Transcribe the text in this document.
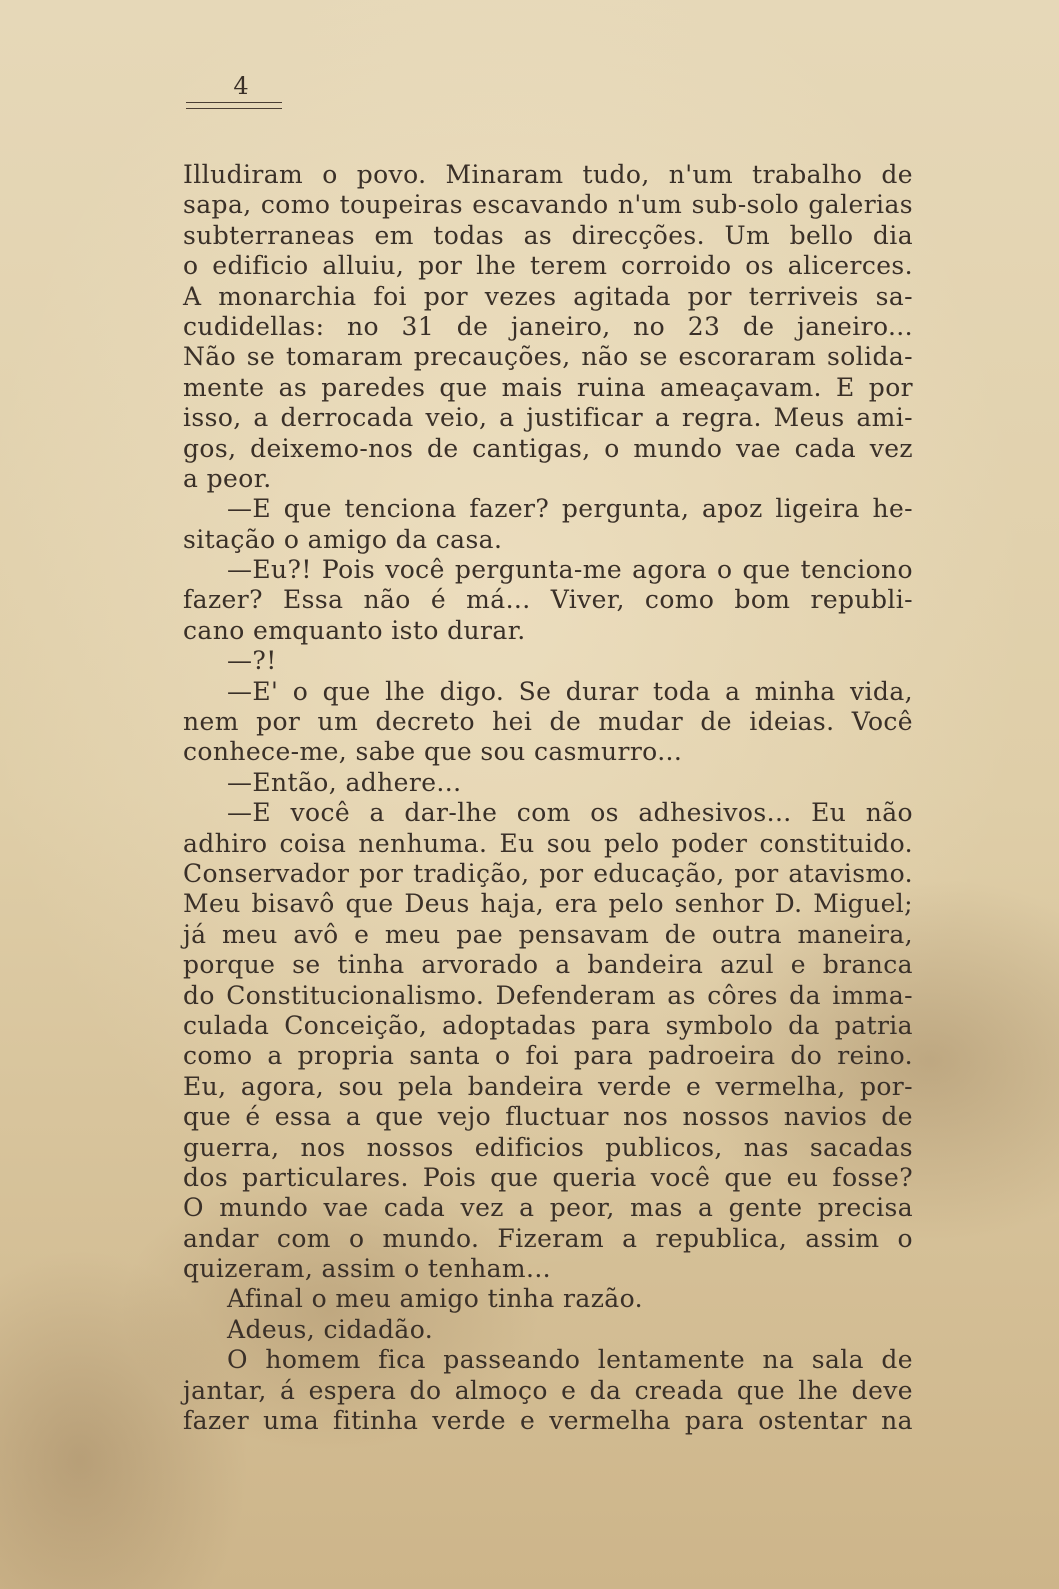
4
Illudiram o povo. Minaram tudo, n'um trabalho de
sapa, como toupeiras escavando n'um sub-solo galerias
subterraneas em todas as direcções. Um bello dia
o edificio alluiu, por lhe terem corroido os alicerces.
A monarchia foi por vezes agitada por terriveis sa-
cudidellas: no 31 de janeiro, no 23 de janeiro...
Não se tomaram precauções, não se escoraram solida-
mente as paredes que mais ruina ameaçavam. E por
isso, a derrocada veio, a justificar a regra. Meus ami-
gos, deixemo-nos de cantigas, o mundo vae cada vez
a peor.
—E que tenciona fazer? pergunta, apoz ligeira he-
sitação o amigo da casa.
—Eu?! Pois você pergunta-me agora o que tenciono
fazer? Essa não é má... Viver, como bom republi-
cano emquanto isto durar.
—?!
—E' o que lhe digo. Se durar toda a minha vida,
nem por um decreto hei de mudar de ideias. Você
conhece-me, sabe que sou casmurro...
—Então, adhere...
—E você a dar-lhe com os adhesivos... Eu não
adhiro coisa nenhuma. Eu sou pelo poder constituido.
Conservador por tradição, por educação, por atavismo.
Meu bisavô que Deus haja, era pelo senhor D. Miguel;
já meu avô e meu pae pensavam de outra maneira,
porque se tinha arvorado a bandeira azul e branca
do Constitucionalismo. Defenderam as côres da imma-
culada Conceição, adoptadas para symbolo da patria
como a propria santa o foi para padroeira do reino.
Eu, agora, sou pela bandeira verde e vermelha, por-
que é essa a que vejo fluctuar nos nossos navios de
guerra, nos nossos edificios publicos, nas sacadas
dos particulares. Pois que queria você que eu fosse?
O mundo vae cada vez a peor, mas a gente precisa
andar com o mundo. Fizeram a republica, assim o
quizeram, assim o tenham...
Afinal o meu amigo tinha razão.
Adeus, cidadão.
O homem fica passeando lentamente na sala de
jantar, á espera do almoço e da creada que lhe deve
fazer uma fitinha verde e vermelha para ostentar na
